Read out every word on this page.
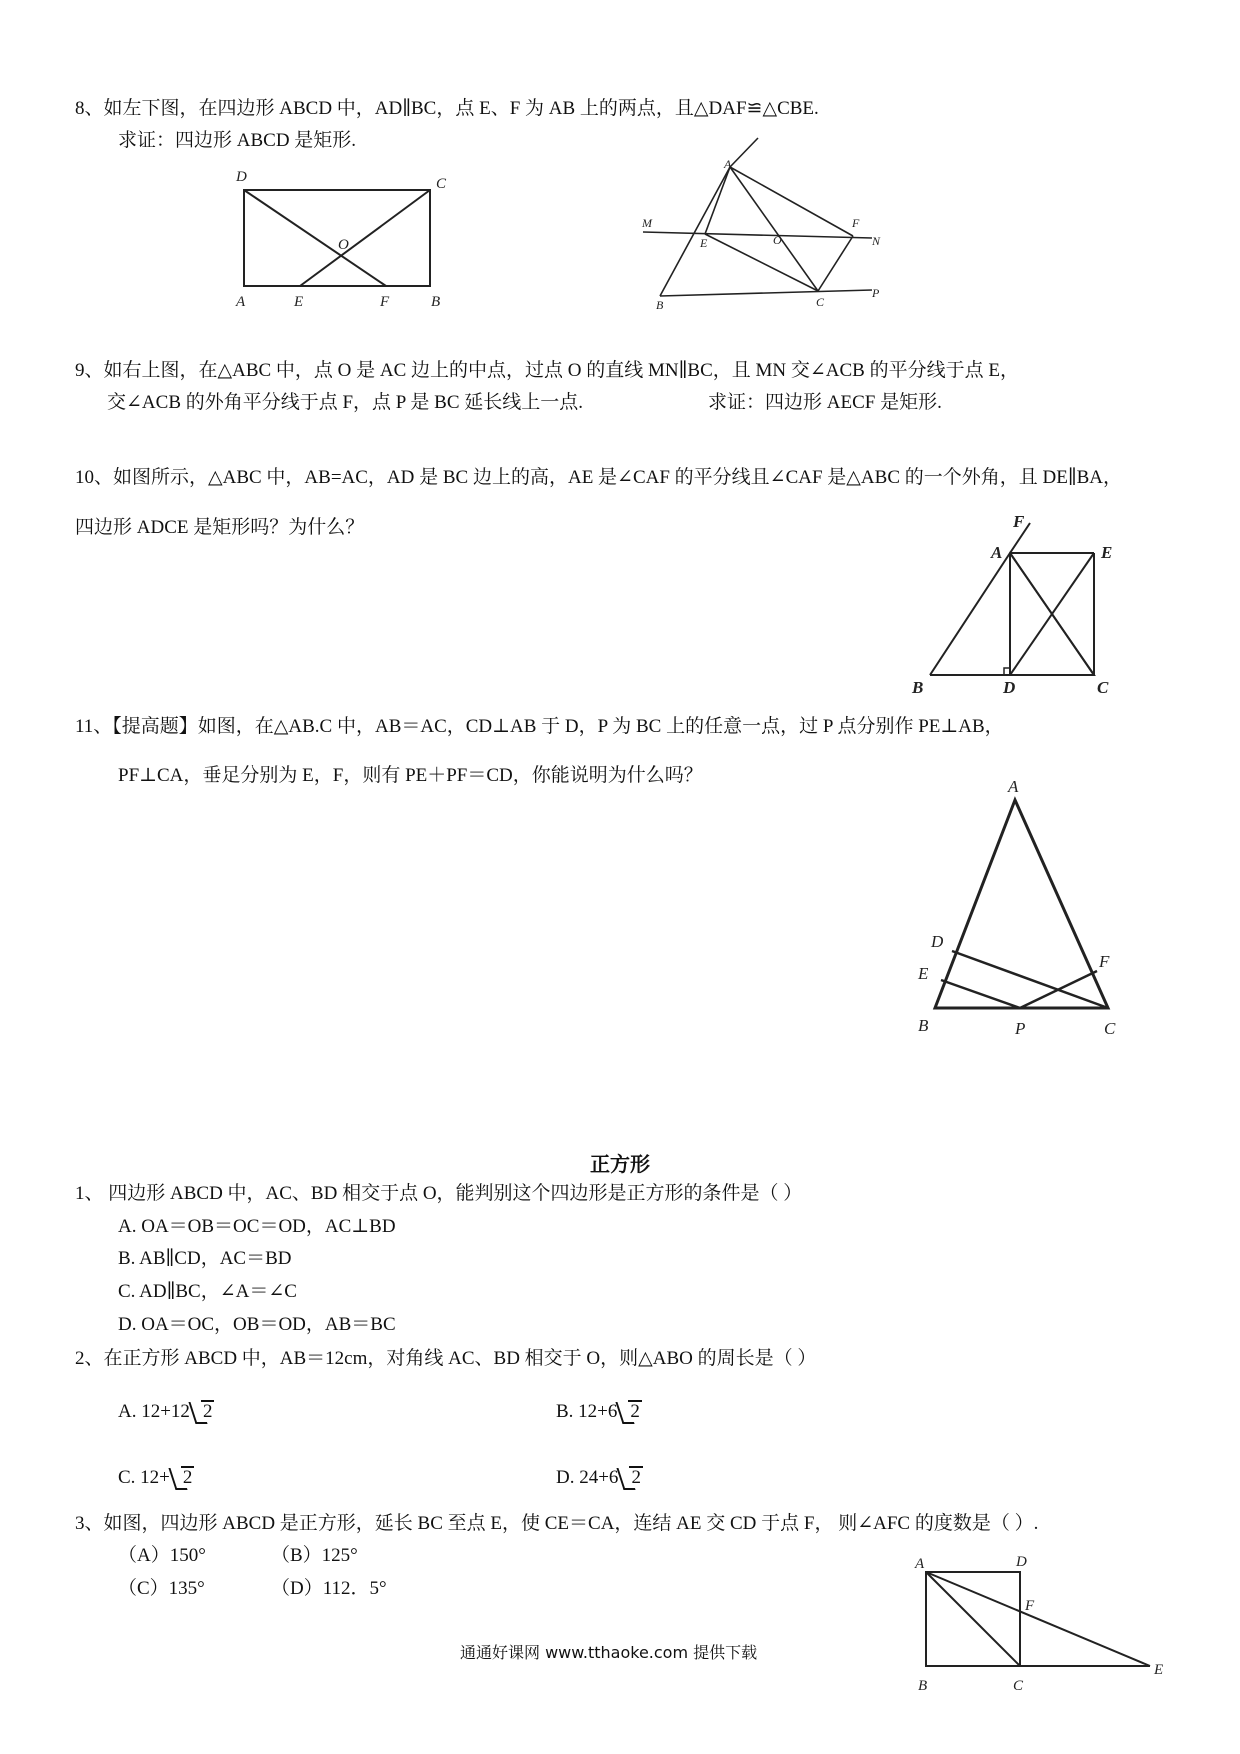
8、如左下图，在四边形 ABCD 中，AD∥BC，点 E、F 为 AB 上的两点，且△DAF≌△CBE.
求证：四边形 ABCD 是矩形.
D	C
O
A	E	F	B
A
M
E	O
F
N
B	C
P
9、如右上图，在△ABC 中，点 O 是 AC 边上的中点，过点 O 的直线 MN∥BC，且 MN 交∠ACB 的平分线于点 E，
交∠ACB 的外角平分线于点 F，点 P 是 BC 延长线上一点.	求证：四边形 AECF 是矩形.
10、如图所示，△ABC 中，AB=AC，AD 是 BC 边上的高，AE 是∠CAF 的平分线且∠CAF 是△ABC 的一个外角，且 DE∥BA，
四边形 ADCE 是矩形吗？为什么？	F
A	E
B	D	C
11、【提高题】如图，在△AB.C 中，AB＝AC，CD⊥AB 于 D，P 为 BC 上的任意一点，过 P 点分别作 PE⊥AB，
PF⊥CA，垂足分别为 E，F，则有 PE＋PF＝CD，你能说明为什么吗？
A
D
E
F
B	P	C
正方形
1、 四边形 ABCD 中，AC、BD 相交于点 O，能判别这个四边形是正方形的条件是（ ）
A. OA＝OB＝OC＝OD，AC⊥BD
B. AB∥CD，AC＝BD
C. AD∥BC，∠A＝∠C
D. OA＝OC，OB＝OD，AB＝BC
2、在正方形 ABCD 中，AB＝12cm，对角线 AC、BD 相交于 O，则△ABO 的周长是（ ）
A. 12+12 2	B. 12+6 2
C. 12+ 2	D. 24+6 2
3、如图，四边形 ABCD 是正方形，延长 BC 至点 E，使 CE＝CA，连结 AE 交 CD 于点 F， 则∠AFC 的度数是（ ）.
（A）150°	（B）125°
（C）135°	（D）112．5°
A	D
F
B	C
E
通通好课网 www.tthaoke.com 提供下载
